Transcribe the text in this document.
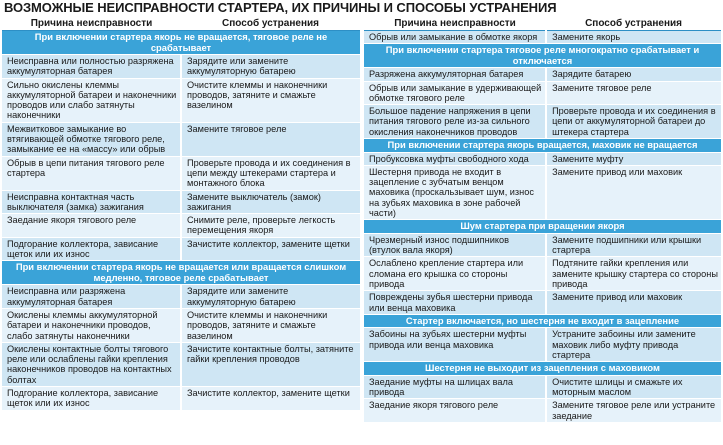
ВОЗМОЖНЫЕ НЕИСПРАВНОСТИ СТАРТЕРА, ИХ ПРИЧИНЫ И СПОСОБЫ УСТРАНЕНИЯ
Причина неисправности	Способ устранения
При включении стартера якорь не вращается, тяговое реле не срабатывает	
Неисправна или полностью разряжена аккумуляторная батарея	Зарядите или замените аккумуляторную батарею
Сильно окислены клеммы аккумуляторной батареи и наконечники проводов или слабо затянуты наконечники	Очистите клеммы и наконечники проводов, затяните и смажьте вазелином
Межвитковое замыкание во втягивающей обмотке тягового реле, замыкание ее на «массу» или обрыв	Замените тяговое реле
Обрыв в цепи питания тягового реле стартера	Проверьте провода и их соединения в цепи между штекерами стартера и монтажного блока
Неисправна контактная часть выключателя (замка) зажигания	Замените выключатель (замок) зажигания
Заедание якоря тягового реле	Снимите реле, проверьте легкость перемещения якоря
Подгорание коллектора, зависание щеток или их износ	Зачистите коллектор, замените щетки
При включении стартера якорь не вращается или вращается слишком медленно, тяговое реле срабатывает	
Неисправна или разряжена аккумуляторная батарея	Зарядите или замените аккумуляторную батарею
Окислены клеммы аккумуляторной батареи и наконечники проводов, слабо затянуты наконечники	Очистите клеммы и наконечники проводов, затяните и смажьте вазелином
Окислены контактные болты тягового реле или ослаблены гайки крепления наконечников проводов на контактных болтах	Зачистите контактные болты, затяните гайки крепления проводов
Подгорание коллектора, зависание щеток или их износ	Зачистите коллектор, замените щетки
Причина неисправности	Способ устранения
Обрыв или замыкание в обмотке якоря	Замените якорь
При включении стартера тяговое реле многократно срабатывает и отключается	
Разряжена аккумуляторная батарея	Зарядите батарею
Обрыв или замыкание в удерживающей обмотке тягового реле	Замените тяговое реле
Большое падение напряжения в цепи питания тягового реле из-за сильного окисления наконечников проводов	Проверьте провода и их соединения в цепи от аккумуляторной батареи до штекера стартера
При включении стартера якорь вращается, маховик не вращается	
Пробуксовка муфты свободного хода	Замените муфту
Шестерня привода не входит в зацепление с зубчатым венцом маховика (проскальзывает шум, износ на зубьях маховика в зоне рабочей части)	Замените привод или маховик
Шум стартера при вращении якоря	
Чрезмерный износ подшипников (втулок вала якоря)	Замените подшипники или крышки стартера
Ослаблено крепление стартера или сломана его крышка со стороны привода	Подтяните гайки крепления или замените крышку стартера со стороны привода
Повреждены зубья шестерни привода или венца маховика	Замените привод или маховик
Стартер включается, но шестерня не входит в зацепление	
Забоины на зубьях шестерни муфты привода или венца маховика	Устраните забоины или замените маховик либо муфту привода стартера
Шестерня не выходит из зацепления с маховиком	
Заедание муфты на шлицах вала привода	Очистите шлицы и смажьте их моторным маслом
Заедание якоря тягового реле	Замените тяговое реле или устраните заедание
